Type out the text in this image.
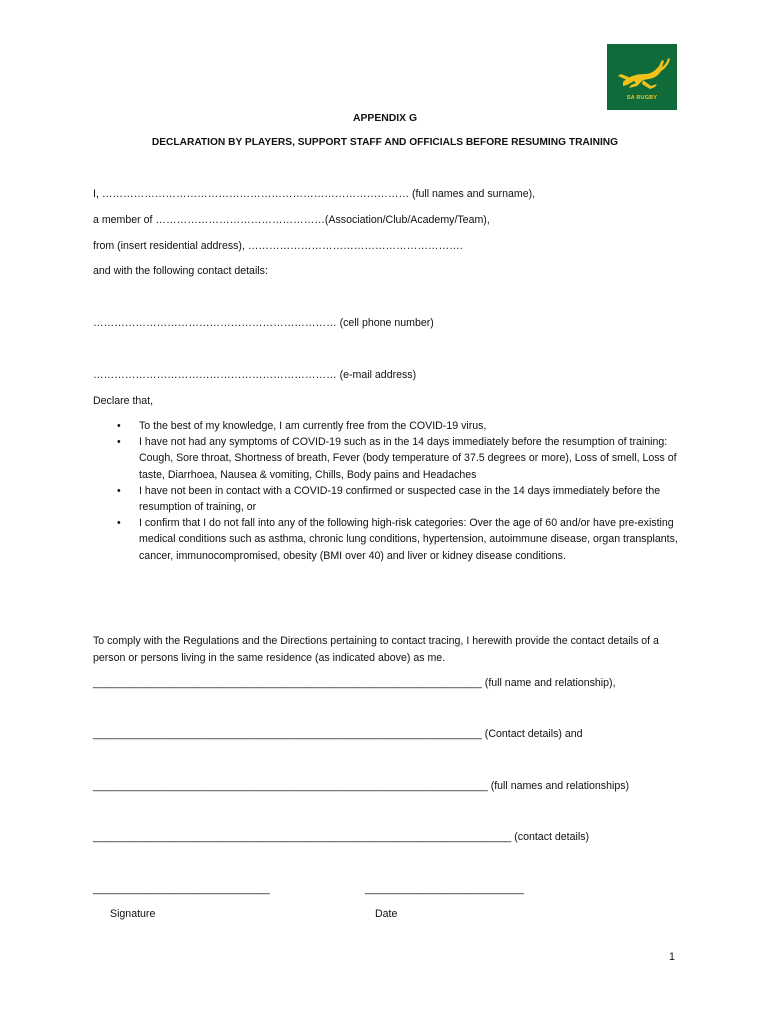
SA RUGBY
APPENDIX G
DECLARATION BY PLAYERS, SUPPORT STAFF AND OFFICIALS BEFORE RESUMING TRAINING
I, …………………………………………………………………………… (full names and surname),
a member of …………………………………………(Association/Club/Academy/Team),
from (insert residential address), …………………………………………………….
and with the following contact details:
…………………………………………………………… (cell phone number)
…………………………………………………………… (e-mail address)
Declare that,
• To the best of my knowledge, I am currently free from the COVID-19 virus,
• I have not had any symptoms of COVID-19 such as in the 14 days immediately before the resumption of training:
Cough, Sore throat, Shortness of breath, Fever (body temperature of 37.5 degrees or more), Loss of smell, Loss of taste, Diarrhoea, Nausea & vomiting, Chills, Body pains and Headaches
• I have not been in contact with a COVID-19 confirmed or suspected case in the 14 days immediately before the resumption of training, or
• I confirm that I do not fall into any of the following high-risk categories: Over the age of 60 and/or have pre-existing medical conditions such as asthma, chronic lung conditions, hypertension, autoimmune disease, organ transplants, cancer, immunocompromised, obesity (BMI over 40) and liver or kidney disease conditions.
To comply with the Regulations and the Directions pertaining to contact tracing, I herewith provide the contact details of a person or persons living in the same residence (as indicated above) as me.
__________________________________________________________________ (full name and relationship),
__________________________________________________________________ (Contact details) and
___________________________________________________________________ (full names and relationships)
_______________________________________________________________________ (contact details)
______________________________	___________________________
Signature	Date
1
